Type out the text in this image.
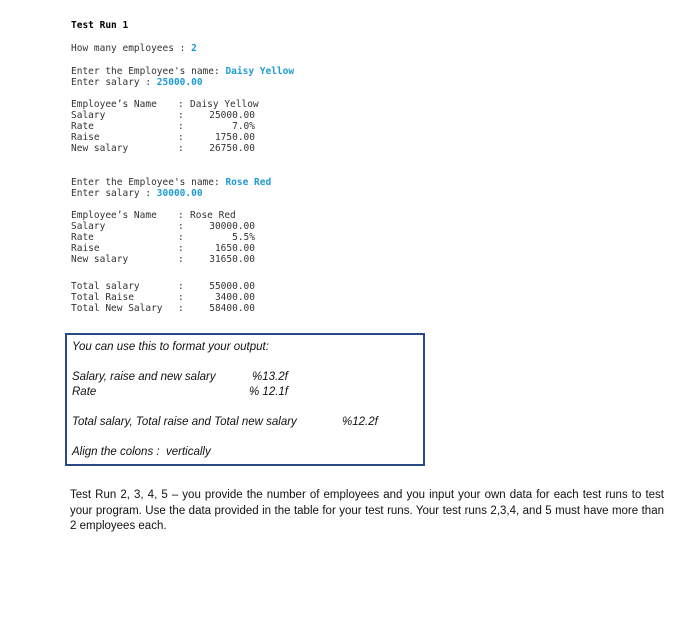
Test Run 1
How many employees : 2
Enter the Employee's name: Daisy Yellow
Enter salary : 25000.00
Employee’s Name : Daisy Yellow
Salary	:	25000.00
Rate	:	7.0%
Raise	:	1750.00
New salary	:	26750.00
Enter the Employee's name: Rose Red
Enter salary : 30000.00
Employee’s Name : Rose Red
Salary	:	30000.00
Rate	:	5.5%
Raise	:	1650.00
New salary	:	31650.00
Total salary	:	55000.00
Total Raise	:	3400.00
Total New Salary :	58400.00
You can use this to format your output:
Salary, raise and new salary	%13.2f
Rate	% 12.1f
Total salary, Total raise and Total new salary	%12.2f
Align the colons :  vertically
Test Run 2, 3, 4, 5 – you provide the number of employees and you input your own data for each test runs to test your program. Use the data provided in the table for your test runs. Your test runs 2,3,4, and 5 must have more than 2 employees each.
